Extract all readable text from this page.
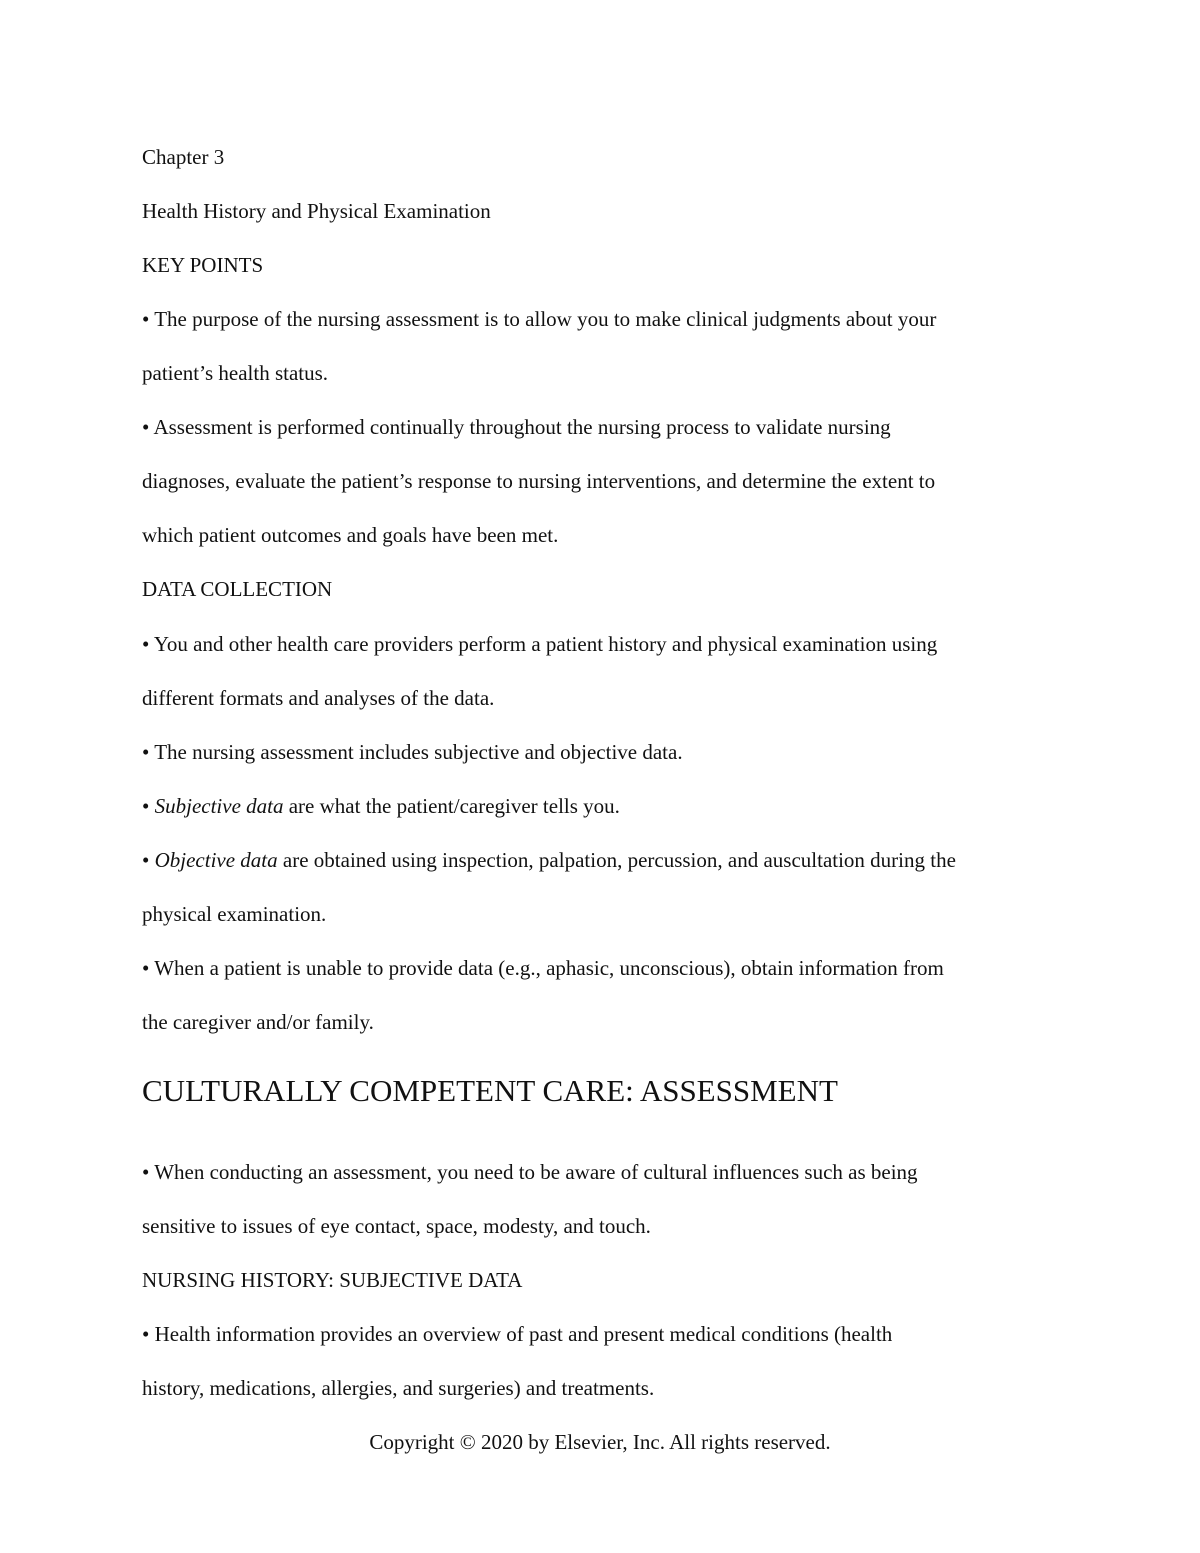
Chapter 3

Health History and Physical Examination

KEY POINTS

• The purpose of the nursing assessment is to allow you to make clinical judgments about your

patient’s health status.

• Assessment is performed continually throughout the nursing process to validate nursing

diagnoses, evaluate the patient’s response to nursing interventions, and determine the extent to

which patient outcomes and goals have been met.

DATA COLLECTION

• You and other health care providers perform a patient history and physical examination using

different formats and analyses of the data.

• The nursing assessment includes subjective and objective data.

• Subjective data are what the patient/caregiver tells you.

• Objective data are obtained using inspection, palpation, percussion, and auscultation during the

physical examination.

• When a patient is unable to provide data (e.g., aphasic, unconscious), obtain information from

the caregiver and/or family.

CULTURALLY COMPETENT CARE: ASSESSMENT

• When conducting an assessment, you need to be aware of cultural influences such as being

sensitive to issues of eye contact, space, modesty, and touch.

NURSING HISTORY: SUBJECTIVE DATA

• Health information provides an overview of past and present medical conditions (health

history, medications, allergies, and surgeries) and treatments.

Copyright © 2020 by Elsevier, Inc. All rights reserved.
